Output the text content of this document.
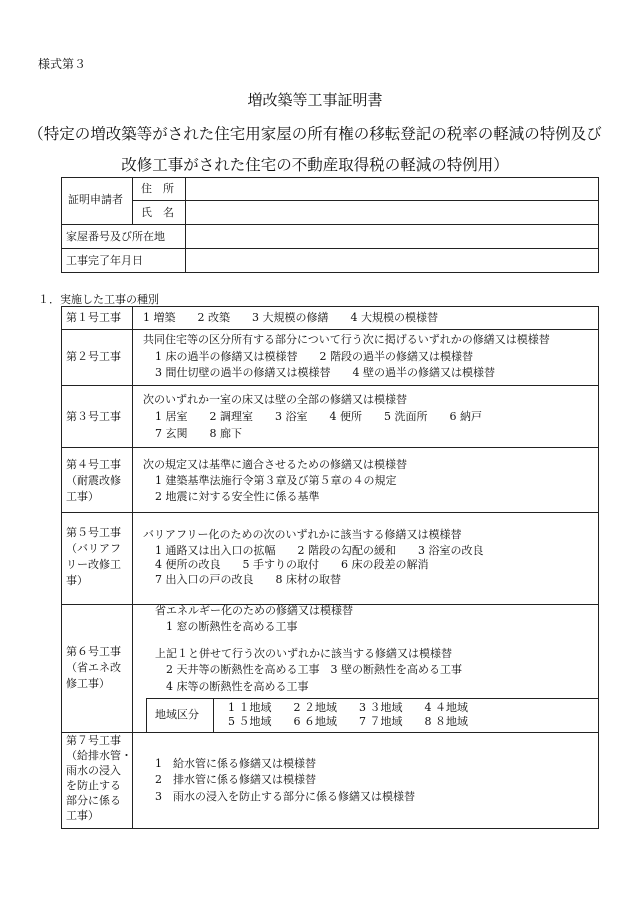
様式第３
増改築等工事証明書
（特定の増改築等がされた住宅用家屋の所有権の移転登記の税率の軽減の特例及び
改修工事がされた住宅の不動産取得税の軽減の特例用）
証明申請者
住　所
氏　名
家屋番号及び所在地
工事完了年月日
１．実施した工事の種別
第１号工事 1 増築　　2 改築　　3 大規模の修繕　　4 大規模の模様替
第２号工事
共同住宅等の区分所有する部分について行う次に掲げるいずれかの修繕又は模様替
1 床の過半の修繕又は模様替　　2 階段の過半の修繕又は模様替
3 間仕切壁の過半の修繕又は模様替　　4 壁の過半の修繕又は模様替
第３号工事
次のいずれか一室の床又は壁の全部の修繕又は模様替
1 居室　　2 調理室　　3 浴室　　4 便所　　5 洗面所　　6 納戸
7 玄関　　8 廊下
第４号工事
（耐震改修
工事）
次の規定又は基準に適合させるための修繕又は模様替
1 建築基準法施行令第３章及び第５章の４の規定
2 地震に対する安全性に係る基準
第５号工事
（バリアフ
リー改修工
事）
バリアフリー化のための次のいずれかに該当する修繕又は模様替
1 通路又は出入口の拡幅　　2 階段の勾配の緩和　　3 浴室の改良
4 便所の改良　　5 手すりの取付　　6 床の段差の解消
7 出入口の戸の改良　　8 床材の取替
第６号工事
（省エネ改
修工事）
省エネルギー化のための修繕又は模様替
1 窓の断熱性を高める工事
上記１と併せて行う次のいずれかに該当する修繕又は模様替
2 天井等の断熱性を高める工事　3 壁の断熱性を高める工事
4 床等の断熱性を高める工事
地域区分
1 １地域　　2 ２地域　　3 ３地域　　4 ４地域
5 ５地域　　6 ６地域　　7 ７地域　　8 ８地域
第７号工事
（給排水管・
雨水の浸入
を防止する
部分に係る
工事）
1　給水管に係る修繕又は模様替
2　排水管に係る修繕又は模様替
3　雨水の浸入を防止する部分に係る修繕又は模様替
